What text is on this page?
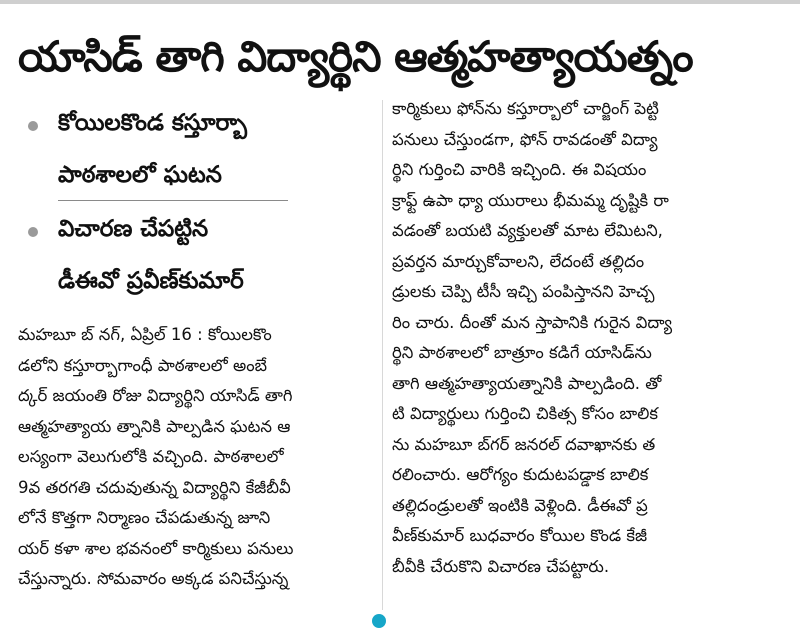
యాసిడ్ తాగి విద్యార్థిని ఆత్మహత్యాయత్నం
కోయిలకొండ కస్తూర్బా
పాఠశాలలో ఘటన
విచారణ చేపట్టిన
డీఈవో ప్రవీణ్‌కుమార్
మహబూ బ్ నగ్, ఏప్రిల్ 16 : కోయిలకొం
డలోని కస్తూర్బాగాంధీ పాఠశాలలో అంబే
ద్కర్ జయంతి రోజు విద్యార్థిని యాసిడ్ తాగి
ఆత్మహత్యాయ త్నానికి పాల్పడిన ఘటన ఆ
లస్యంగా వెలుగులోకి వచ్చింది. పాఠశాలలో
9వ తరగతి చదువుతున్న విద్యార్థిని కేజీబీవీ
లోనే కొత్తగా నిర్మాణం చేపడుతున్న జూని
యర్ కళా శాల భవనంలో కార్మికులు పనులు
చేస్తున్నారు. సోమవారం అక్కడ పనిచేస్తున్న
కార్మికులు ఫోన్‌ను కస్తూర్బాలో చార్జింగ్ పెట్టి
పనులు చేస్తుండగా, ఫోన్ రావడంతో విద్యా
ర్థిని గుర్తించి వారికి ఇచ్చింది. ఈ విషయం
క్రాఫ్ట్ ఉపా ధ్యా యురాలు భీమమ్మ దృష్టికి రా
వడంతో బయటి వ్యక్తులతో మాట లేమిటని,
ప్రవర్తన మార్చుకోవాలని, లేదంటే తల్లిదం
డ్రులకు చెప్పి టీసీ ఇచ్చి పంపిస్తానని హెచ్చ
రిం చారు. దీంతో మన స్తాపానికి గురైన విద్యా
ర్థిని పాఠశాలలో బాత్రూం కడిగే యాసిడ్‌ను
తాగి ఆత్మహత్యాయత్నానికి పాల్పడింది. తో
టి విద్యార్థులు గుర్తించి చికిత్స కోసం బాలిక
ను మహబూ బ్‌గర్ జనరల్ దవాఖానకు త
రలించారు. ఆరోగ్యం కుదుటపడ్డాక బాలిక
తల్లిదండ్రులతో ఇంటికి వెళ్లింది. డీఈవో ప్ర
వీణ్‌కుమార్ బుధవారం కోయిల కొండ కేజీ
బీవీకి చేరుకొని విచారణ చేపట్టారు.
